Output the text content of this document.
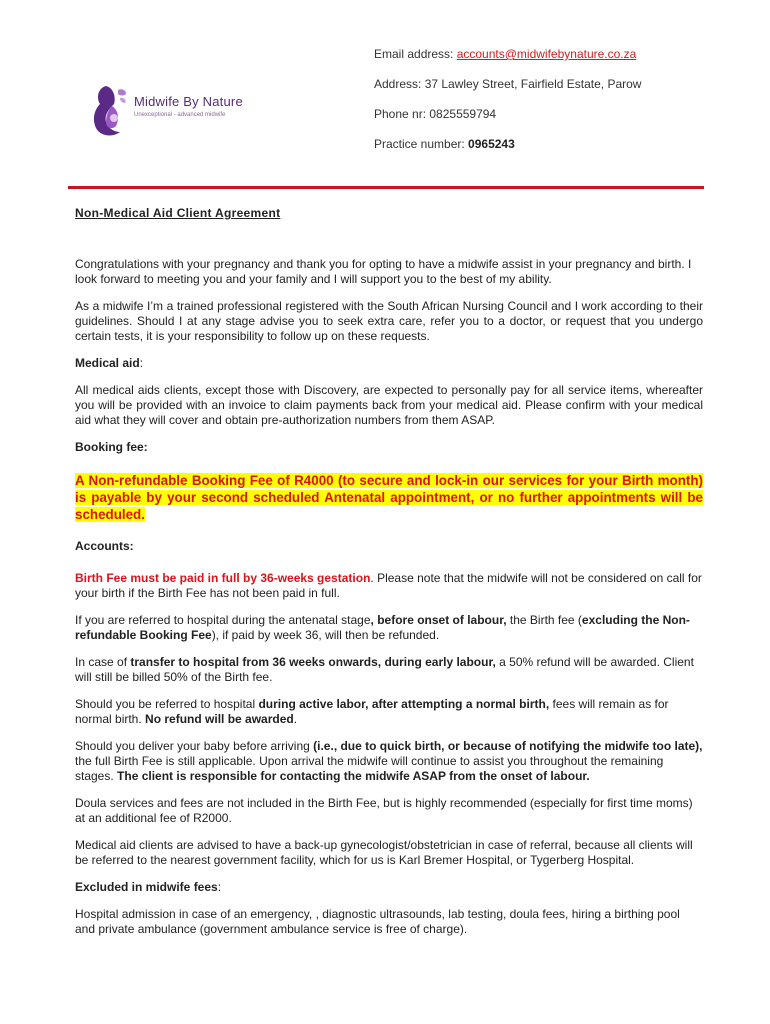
Midwife By Nature
Unexceptional - advanced midwife
Email address: accounts@midwifebynature.co.za
Address: 37 Lawley Street, Fairfield Estate, Parow
Phone nr: 0825559794
Practice number: 0965243

Non-Medical Aid Client Agreement

Congratulations with your pregnancy and thank you for opting to have a midwife assist in your pregnancy and birth. I look forward to meeting you and your family and I will support you to the best of my ability.

As a midwife I’m a trained professional registered with the South African Nursing Council and I work according to their guidelines. Should I at any stage advise you to seek extra care, refer you to a doctor, or request that you undergo certain tests, it is your responsibility to follow up on these requests.

Medical aid:

All medical aids clients, except those with Discovery, are expected to personally pay for all service items, whereafter you will be provided with an invoice to claim payments back from your medical aid. Please confirm with your medical aid what they will cover and obtain pre-authorization numbers from them ASAP.

Booking fee:

A Non-refundable Booking Fee of R4000 (to secure and lock-in our services for your Birth month) is payable by your second scheduled Antenatal appointment, or no further appointments will be scheduled.

Accounts:

Birth Fee must be paid in full by 36-weeks gestation. Please note that the midwife will not be considered on call for your birth if the Birth Fee has not been paid in full.

If you are referred to hospital during the antenatal stage, before onset of labour, the Birth fee (excluding the Non-refundable Booking Fee), if paid by week 36, will then be refunded.

In case of transfer to hospital from 36 weeks onwards, during early labour, a 50% refund will be awarded. Client will still be billed 50% of the Birth fee.

Should you be referred to hospital during active labor, after attempting a normal birth, fees will remain as for normal birth. No refund will be awarded.

Should you deliver your baby before arriving (i.e., due to quick birth, or because of notifying the midwife too late), the full Birth Fee is still applicable. Upon arrival the midwife will continue to assist you throughout the remaining stages. The client is responsible for contacting the midwife ASAP from the onset of labour.

Doula services and fees are not included in the Birth Fee, but is highly recommended (especially for first time moms) at an additional fee of R2000.

Medical aid clients are advised to have a back-up gynecologist/obstetrician in case of referral, because all clients will be referred to the nearest government facility, which for us is Karl Bremer Hospital, or Tygerberg Hospital.

Excluded in midwife fees:

Hospital admission in case of an emergency, , diagnostic ultrasounds, lab testing, doula fees, hiring a birthing pool and private ambulance (government ambulance service is free of charge).
